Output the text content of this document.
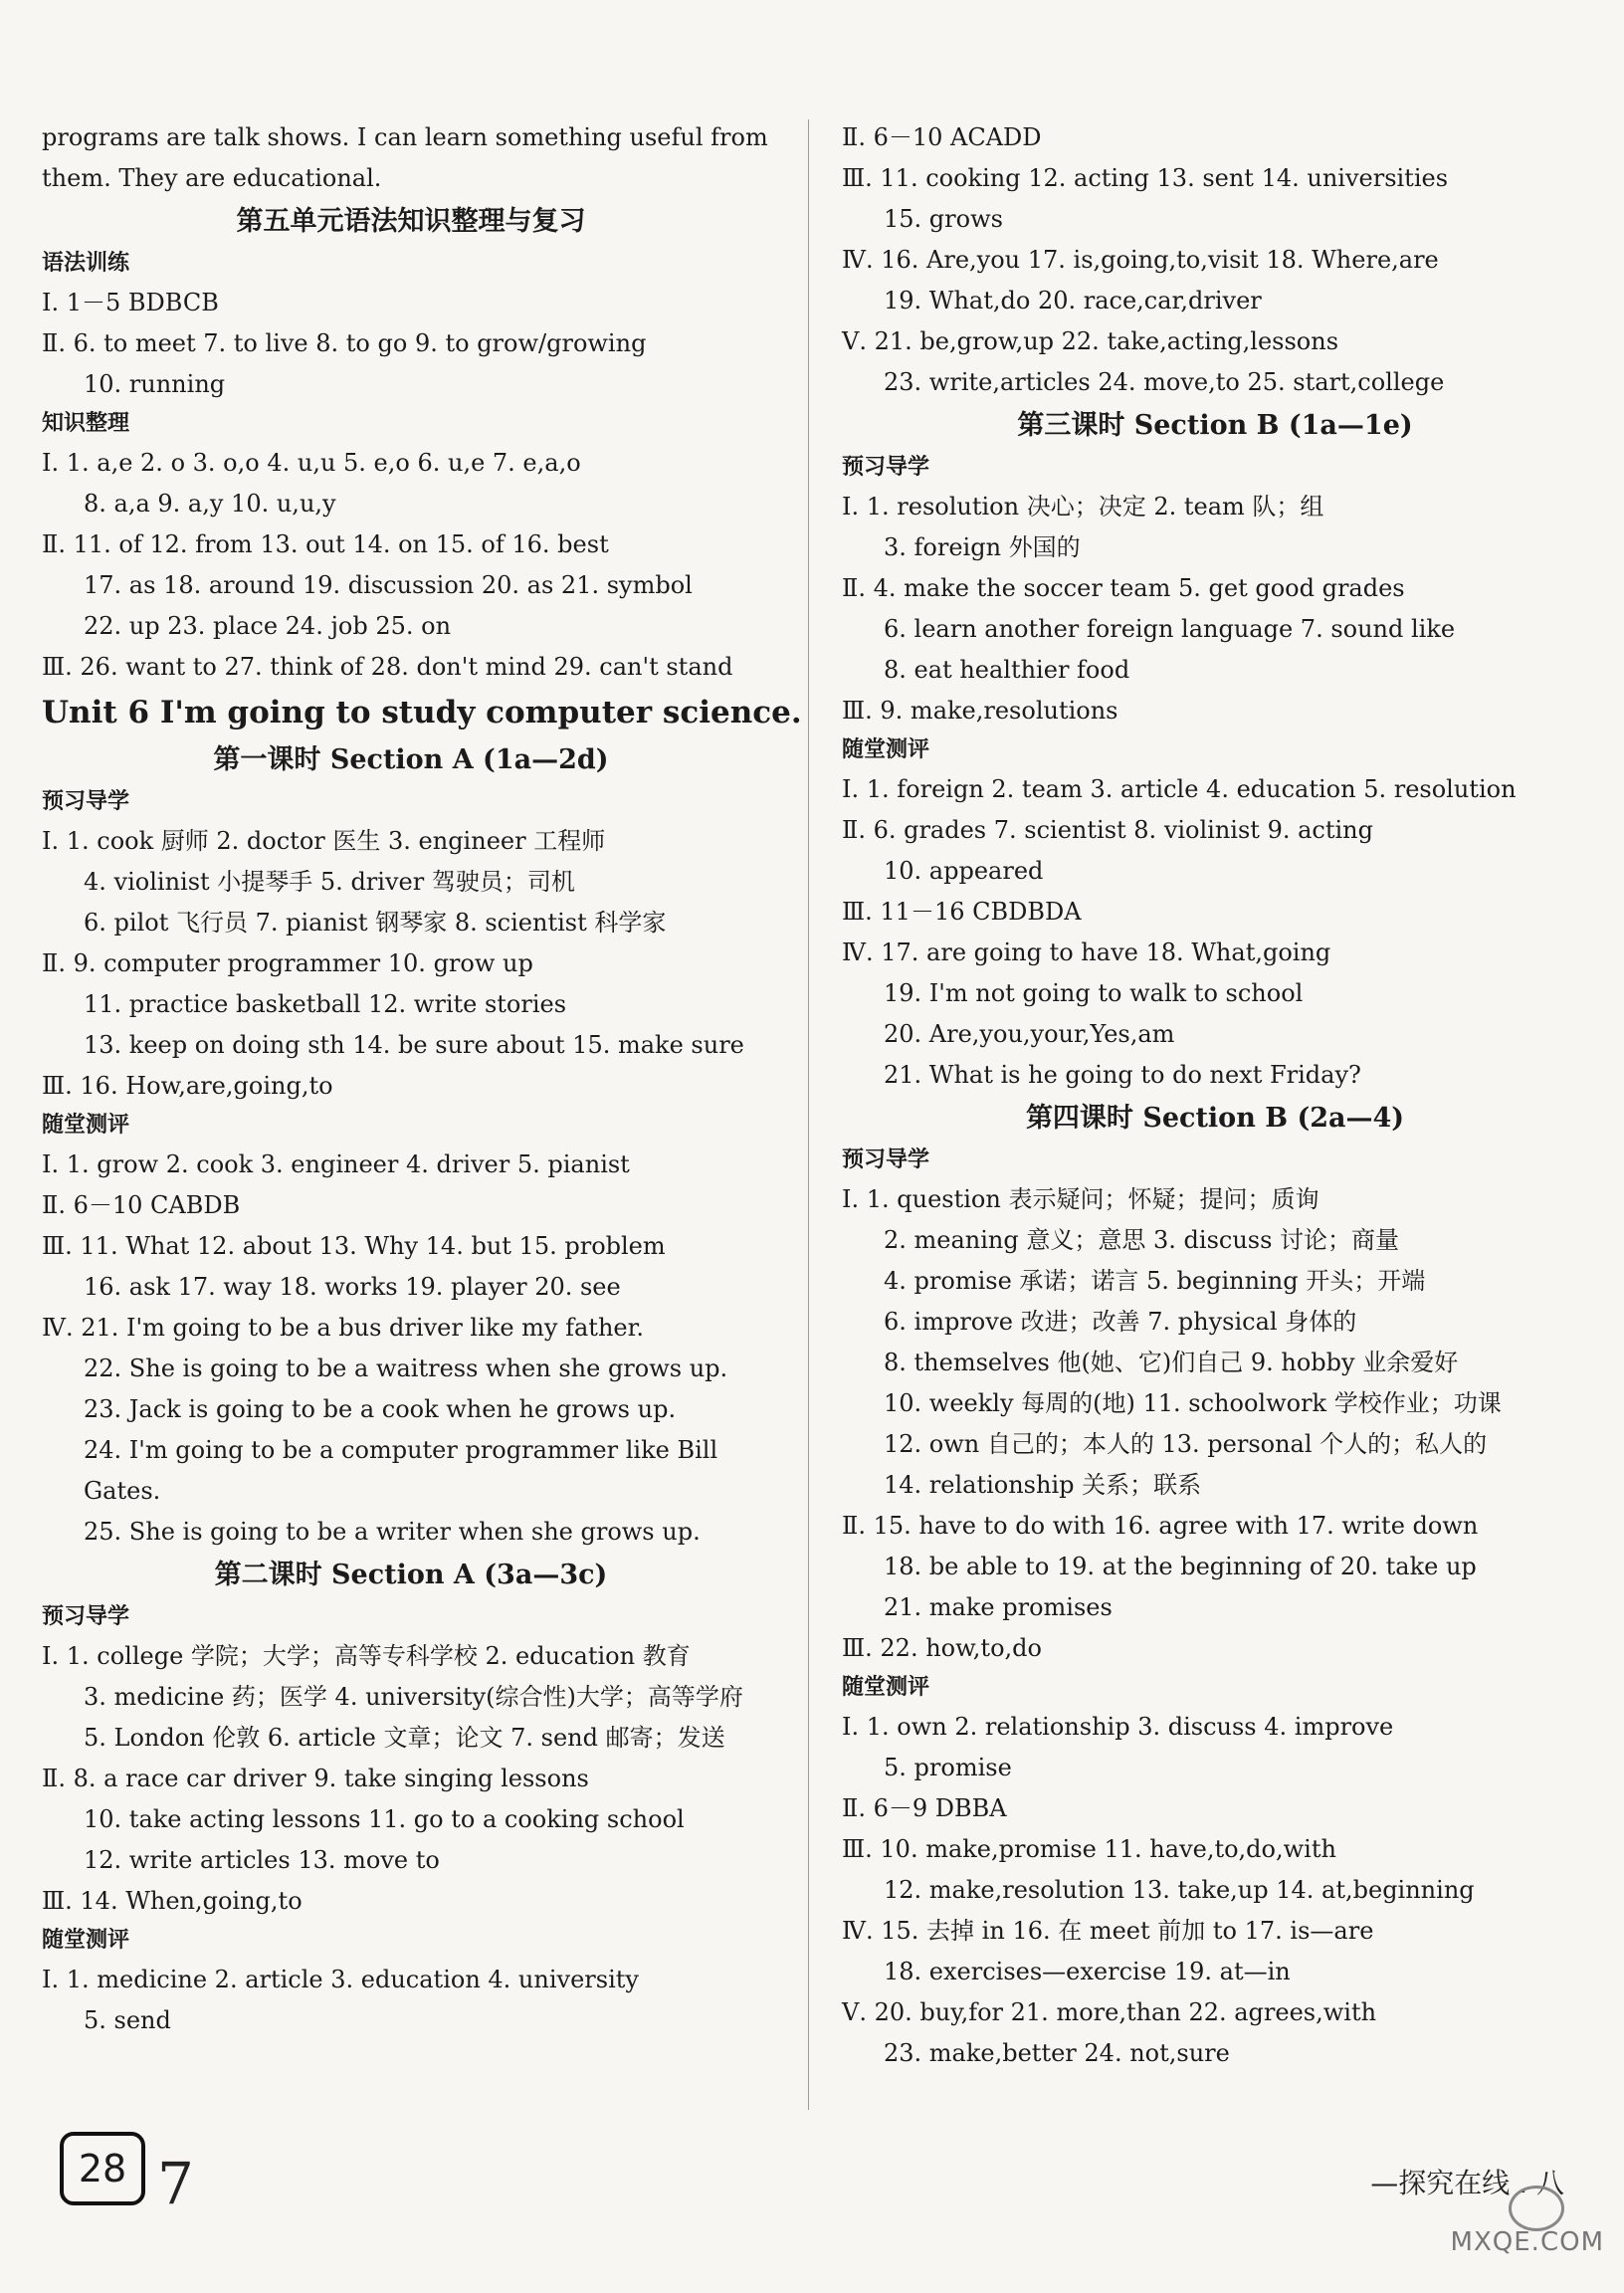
programs are talk shows. I can learn something useful from
them. They are educational.
第五单元语法知识整理与复习
语法训练
Ⅰ. 1－5 BDBCB
Ⅱ. 6. to meet 7. to live 8. to go 9. to grow/growing
10. running
知识整理
Ⅰ. 1. a,e 2. o 3. o,o 4. u,u 5. e,o 6. u,e 7. e,a,o
8. a,a 9. a,y 10. u,u,y
Ⅱ. 11. of 12. from 13. out 14. on 15. of 16. best
17. as 18. around 19. discussion 20. as 21. symbol
22. up 23. place 24. job 25. on
Ⅲ. 26. want to 27. think of 28. don't mind 29. can't stand
Unit 6 I'm going to study computer science.
第一课时 Section A (1a—2d)
预习导学
Ⅰ. 1. cook 厨师 2. doctor 医生 3. engineer 工程师
4. violinist 小提琴手 5. driver 驾驶员；司机
6. pilot 飞行员 7. pianist 钢琴家 8. scientist 科学家
Ⅱ. 9. computer programmer 10. grow up
11. practice basketball 12. write stories
13. keep on doing sth 14. be sure about 15. make sure
Ⅲ. 16. How,are,going,to
随堂测评
Ⅰ. 1. grow 2. cook 3. engineer 4. driver 5. pianist
Ⅱ. 6－10 CABDB
Ⅲ. 11. What 12. about 13. Why 14. but 15. problem
16. ask 17. way 18. works 19. player 20. see
Ⅳ. 21. I'm going to be a bus driver like my father.
22. She is going to be a waitress when she grows up.
23. Jack is going to be a cook when he grows up.
24. I'm going to be a computer programmer like Bill
Gates.
25. She is going to be a writer when she grows up.
第二课时 Section A (3a—3c)
预习导学
Ⅰ. 1. college 学院；大学；高等专科学校 2. education 教育
3. medicine 药；医学 4. university(综合性)大学；高等学府
5. London 伦敦 6. article 文章；论文 7. send 邮寄；发送
Ⅱ. 8. a race car driver 9. take singing lessons
10. take acting lessons 11. go to a cooking school
12. write articles 13. move to
Ⅲ. 14. When,going,to
随堂测评
Ⅰ. 1. medicine 2. article 3. education 4. university
5. send
Ⅱ. 6－10 ACADD
Ⅲ. 11. cooking 12. acting 13. sent 14. universities
15. grows
Ⅳ. 16. Are,you 17. is,going,to,visit 18. Where,are
19. What,do 20. race,car,driver
Ⅴ. 21. be,grow,up 22. take,acting,lessons
23. write,articles 24. move,to 25. start,college
第三课时 Section B (1a—1e)
预习导学
Ⅰ. 1. resolution 决心；决定 2. team 队；组
3. foreign 外国的
Ⅱ. 4. make the soccer team 5. get good grades
6. learn another foreign language 7. sound like
8. eat healthier food
Ⅲ. 9. make,resolutions
随堂测评
Ⅰ. 1. foreign 2. team 3. article 4. education 5. resolution
Ⅱ. 6. grades 7. scientist 8. violinist 9. acting
10. appeared
Ⅲ. 11－16 CBDBDA
Ⅳ. 17. are going to have 18. What,going
19. I'm not going to walk to school
20. Are,you,your,Yes,am
21. What is he going to do next Friday?
第四课时 Section B (2a—4)
预习导学
Ⅰ. 1. question 表示疑问；怀疑；提问；质询
2. meaning 意义；意思 3. discuss 讨论；商量
4. promise 承诺；诺言 5. beginning 开头；开端
6. improve 改进；改善 7. physical 身体的
8. themselves 他(她、它)们自己 9. hobby 业余爱好
10. weekly 每周的(地) 11. schoolwork 学校作业；功课
12. own 自己的；本人的 13. personal 个人的；私人的
14. relationship 关系；联系
Ⅱ. 15. have to do with 16. agree with 17. write down
18. be able to 19. at the beginning of 20. take up
21. make promises
Ⅲ. 22. how,to,do
随堂测评
Ⅰ. 1. own 2. relationship 3. discuss 4. improve
5. promise
Ⅱ. 6－9 DBBA
Ⅲ. 10. make,promise 11. have,to,do,with
12. make,resolution 13. take,up 14. at,beginning
Ⅳ. 15. 去掉 in 16. 在 meet 前加 to 17. is—are
18. exercises—exercise 19. at—in
Ⅴ. 20. buy,for 21. more,than 22. agrees,with
23. make,better 24. not,sure
28 7	—探究在线 . 八
MXQE.COM
